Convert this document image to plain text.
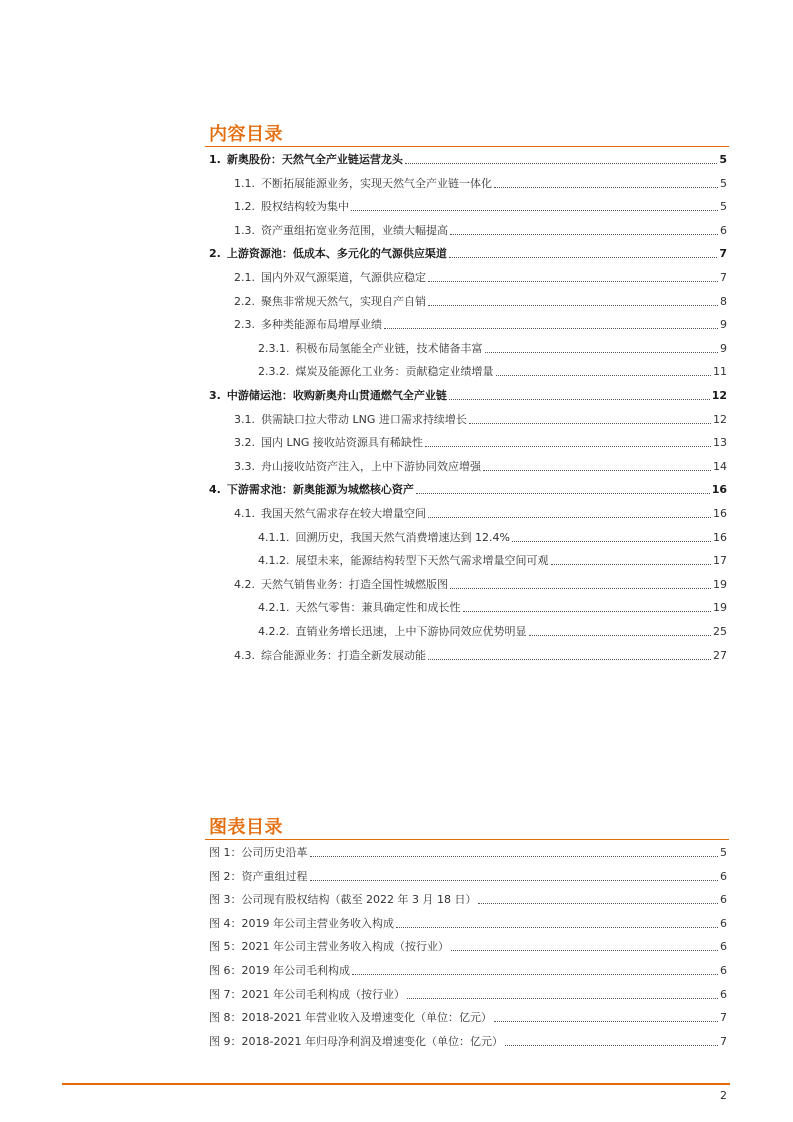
内容目录
1. 新奥股份：天然气全产业链运营龙头	5
1.1. 不断拓展能源业务，实现天然气全产业链一体化	5
1.2. 股权结构较为集中	5
1.3. 资产重组拓宽业务范围，业绩大幅提高	6
2. 上游资源池：低成本、多元化的气源供应渠道	7
2.1. 国内外双气源渠道，气源供应稳定	7
2.2. 聚焦非常规天然气，实现自产自销	8
2.3. 多种类能源布局增厚业绩	9
2.3.1. 积极布局氢能全产业链，技术储备丰富	9
2.3.2. 煤炭及能源化工业务：贡献稳定业绩增量	11
3. 中游储运池：收购新奥舟山贯通燃气全产业链	12
3.1. 供需缺口拉大带动 LNG 进口需求持续增长	12
3.2. 国内 LNG 接收站资源具有稀缺性	13
3.3. 舟山接收站资产注入，上中下游协同效应增强	14
4. 下游需求池：新奥能源为城燃核心资产	16
4.1. 我国天然气需求存在较大增量空间	16
4.1.1. 回溯历史，我国天然气消费增速达到 12.4%	16
4.1.2. 展望未来，能源结构转型下天然气需求增量空间可观	17
4.2. 天然气销售业务：打造全国性城燃版图	19
4.2.1. 天然气零售：兼具确定性和成长性	19
4.2.2. 直销业务增长迅速，上中下游协同效应优势明显	25
4.3. 综合能源业务：打造全新发展动能	27
图表目录
图 1：公司历史沿革	5
图 2：资产重组过程	6
图 3：公司现有股权结构（截至 2022 年 3 月 18 日）	6
图 4：2019 年公司主营业务收入构成	6
图 5：2021 年公司主营业务收入构成（按行业）	6
图 6：2019 年公司毛利构成	6
图 7：2021 年公司毛利构成（按行业）	6
图 8：2018-2021 年营业收入及增速变化（单位：亿元）	7
图 9：2018-2021 年归母净利润及增速变化（单位：亿元）	7
2
